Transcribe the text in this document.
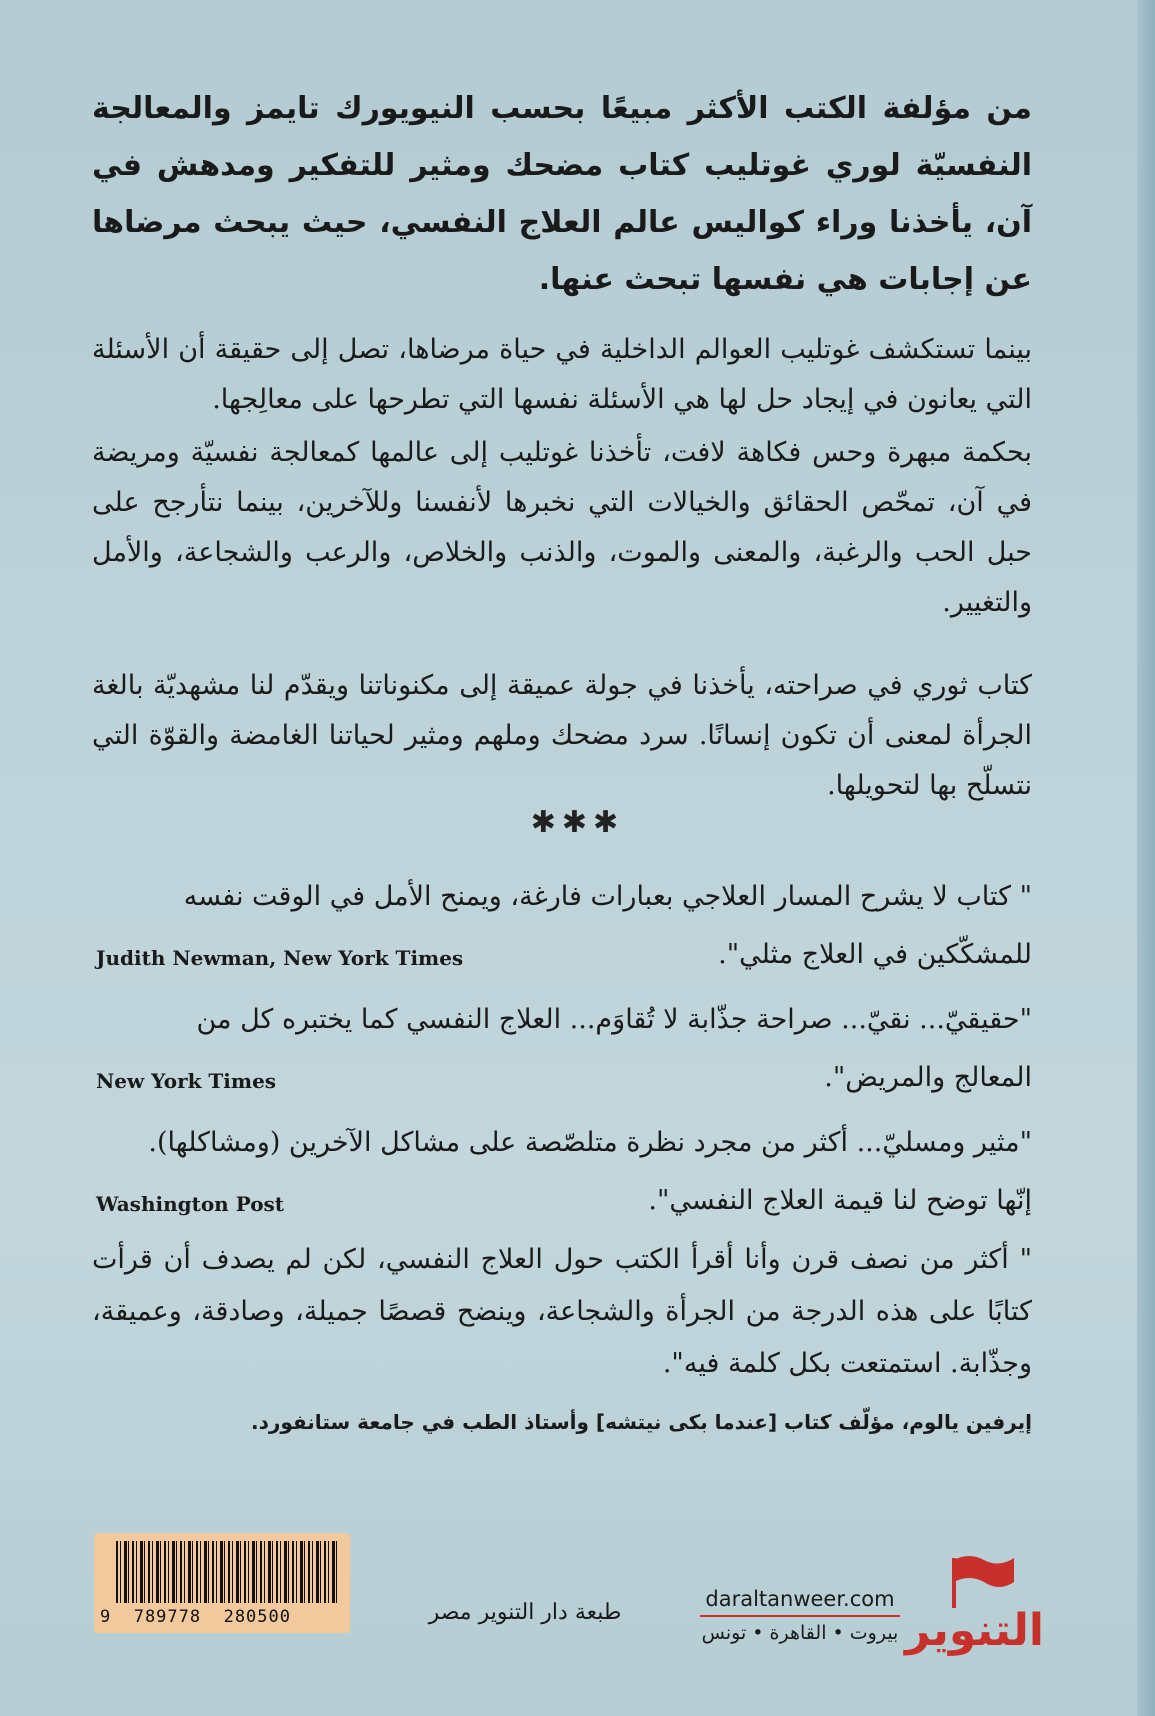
من مؤلفة الكتب الأكثر مبيعًا بحسب النيويورك تايمز والمعالجة النفسيّة لوري غوتليب كتاب مضحك ومثير للتفكير ومدهش في آن، يأخذنا وراء كواليس عالم العلاج النفسي، حيث يبحث مرضاها عن إجابات هي نفسها تبحث عنها.

بينما تستكشف غوتليب العوالم الداخلية في حياة مرضاها، تصل إلى حقيقة أن الأسئلة التي يعانون في إيجاد حل لها هي الأسئلة نفسها التي تطرحها على معالِجها.

بحكمة مبهرة وحس فكاهة لافت، تأخذنا غوتليب إلى عالمها كمعالجة نفسيّة ومريضة في آن، تمحّص الحقائق والخيالات التي نخبرها لأنفسنا وللآخرين، بينما نتأرجح على حبل الحب والرغبة، والمعنى والموت، والذنب والخلاص، والرعب والشجاعة، والأمل والتغيير.

كتاب ثوري في صراحته، يأخذنا في جولة عميقة إلى مكنوناتنا ويقدّم لنا مشهديّة بالغة الجرأة لمعنى أن تكون إنسانًا. سرد مضحك وملهم ومثير لحياتنا الغامضة والقوّة التي نتسلّح بها لتحويلها.

✱✱✱

" كتاب لا يشرح المسار العلاجي بعبارات فارغة، ويمنح الأمل في الوقت نفسه

للمشكّكين في العلاج مثلي".

Judith Newman, New York Times

"حقيقيّ... نقيّ... صراحة جذّابة لا تُقاوَم... العلاج النفسي كما يختبره كل من

المعالج والمريض".

New York Times

"مثير ومسليّ... أكثر من مجرد نظرة متلصّصة على مشاكل الآخرين (ومشاكلها).

إنّها توضح لنا قيمة العلاج النفسي".

Washington Post

" أكثر من نصف قرن وأنا أقرأ الكتب حول العلاج النفسي، لكن لم يصدف أن قرأت كتابًا على هذه الدرجة من الجرأة والشجاعة، وينضح قصصًا جميلة، وصادقة، وعميقة، وجذّابة. استمتعت بكل كلمة فيه".

إيرفين يالوم، مؤلّف كتاب [عندما بكى نيتشه] وأستاذ الطب في جامعة ستانفورد.
9  789778  280500	طبعة دار التنوير مصر
daraltanweer.com
بيروت • القاهرة • تونس التنوير
